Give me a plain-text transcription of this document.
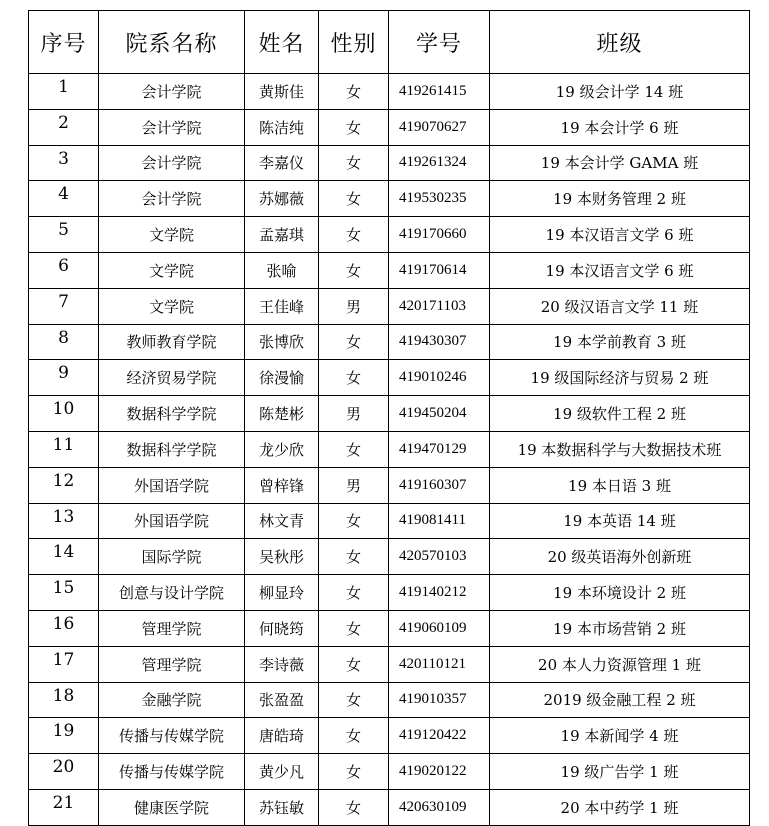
序号	院系名称	姓名	性别	学号	班级
1	会计学院	黄斯佳	女	419261415	19 级会计学 14 班
2	会计学院	陈洁纯	女	419070627	19 本会计学 6 班
3	会计学院	李嘉仪	女	419261324	19 本会计学 GAMA 班
4	会计学院	苏娜薇	女	419530235	19 本财务管理 2 班
5	文学院	孟嘉琪	女	419170660	19 本汉语言文学 6 班
6	文学院	张喻	女	419170614	19 本汉语言文学 6 班
7	文学院	王佳峰	男	420171103	20 级汉语言文学 11 班
8	教师教育学院	张博欣	女	419430307	19 本学前教育 3 班
9	经济贸易学院	徐漫愉	女	419010246	19 级国际经济与贸易 2 班
10	数据科学学院	陈楚彬	男	419450204	19 级软件工程 2 班
11	数据科学学院	龙少欣	女	419470129	19 本数据科学与大数据技术班
12	外国语学院	曾梓锋	男	419160307	19 本日语 3 班
13	外国语学院	林文青	女	419081411	19 本英语 14 班
14	国际学院	吴秋彤	女	420570103	20 级英语海外创新班
15	创意与设计学院	柳显玲	女	419140212	19 本环境设计 2 班
16	管理学院	何晓筠	女	419060109	19 本市场营销 2 班
17	管理学院	李诗薇	女	420110121	20 本人力资源管理 1 班
18	金融学院	张盈盈	女	419010357	2019 级金融工程 2 班
19	传播与传媒学院	唐皓琦	女	419120422	19 本新闻学 4 班
20	传播与传媒学院	黄少凡	女	419020122	19 级广告学 1 班
21	健康医学院	苏钰敏	女	420630109	20 本中药学 1 班
